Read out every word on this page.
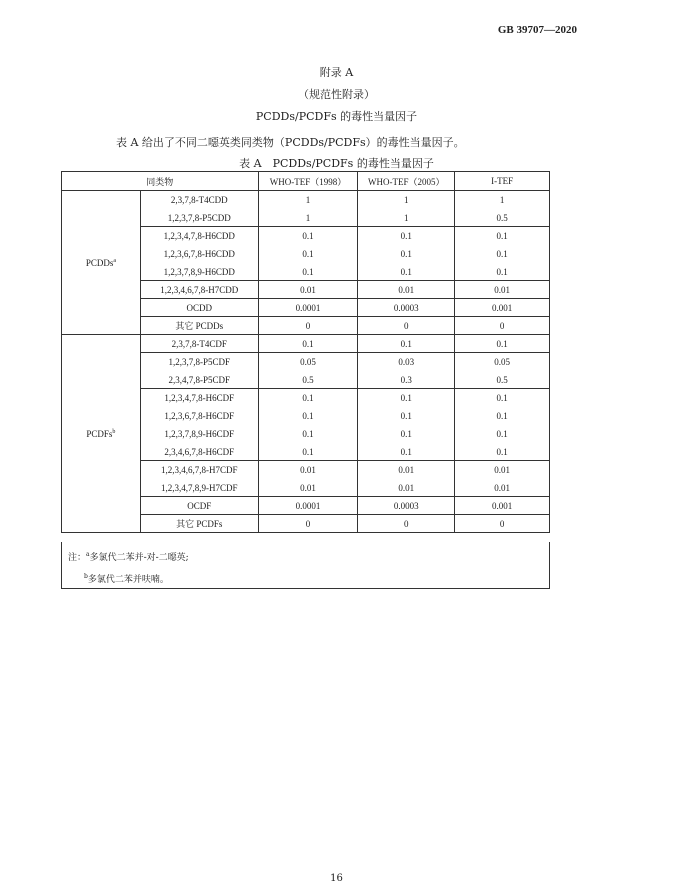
GB 39707—2020
附录 A
（规范性附录）
PCDDs/PCDFs 的毒性当量因子
表 A 给出了不同二噁英类同类物（PCDDs/PCDFs）的毒性当量因子。
表 A　PCDDs/PCDFs 的毒性当量因子
同类物		WHO-TEF（1998）	WHO-TEF（2005）	I-TEF
PCDDs$^a$	2,3,7,8-T4CDD	1	1	1
	1,2,3,7,8-P5CDD	1	1	0.5
	1,2,3,4,7,8-H6CDD	0.1	0.1	0.1
	1,2,3,6,7,8-H6CDD	0.1	0.1	0.1
	1,2,3,7,8,9-H6CDD	0.1	0.1	0.1
	1,2,3,4,6,7,8-H7CDD	0.01	0.01	0.01
	OCDD	0.0001	0.0003	0.001
	其它 PCDDs	0	0	0
PCDFs$^b$	2,3,7,8-T4CDF	0.1	0.1	0.1
	1,2,3,7,8-P5CDF	0.05	0.03	0.05
	2,3,4,7,8-P5CDF	0.5	0.3	0.5
	1,2,3,4,7,8-H6CDF	0.1	0.1	0.1
	1,2,3,6,7,8-H6CDF	0.1	0.1	0.1
	1,2,3,7,8,9-H6CDF	0.1	0.1	0.1
	2,3,4,6,7,8-H6CDF	0.1	0.1	0.1
	1,2,3,4,6,7,8-H7CDF	0.01	0.01	0.01
	1,2,3,4,7,8,9-H7CDF	0.01	0.01	0.01
	OCDF	0.0001	0.0003	0.001
	其它 PCDFs	0	0	0
注：$^a$多氯代二苯并-对-二噁英;
$^b$多氯代二苯并呋喃。
16
